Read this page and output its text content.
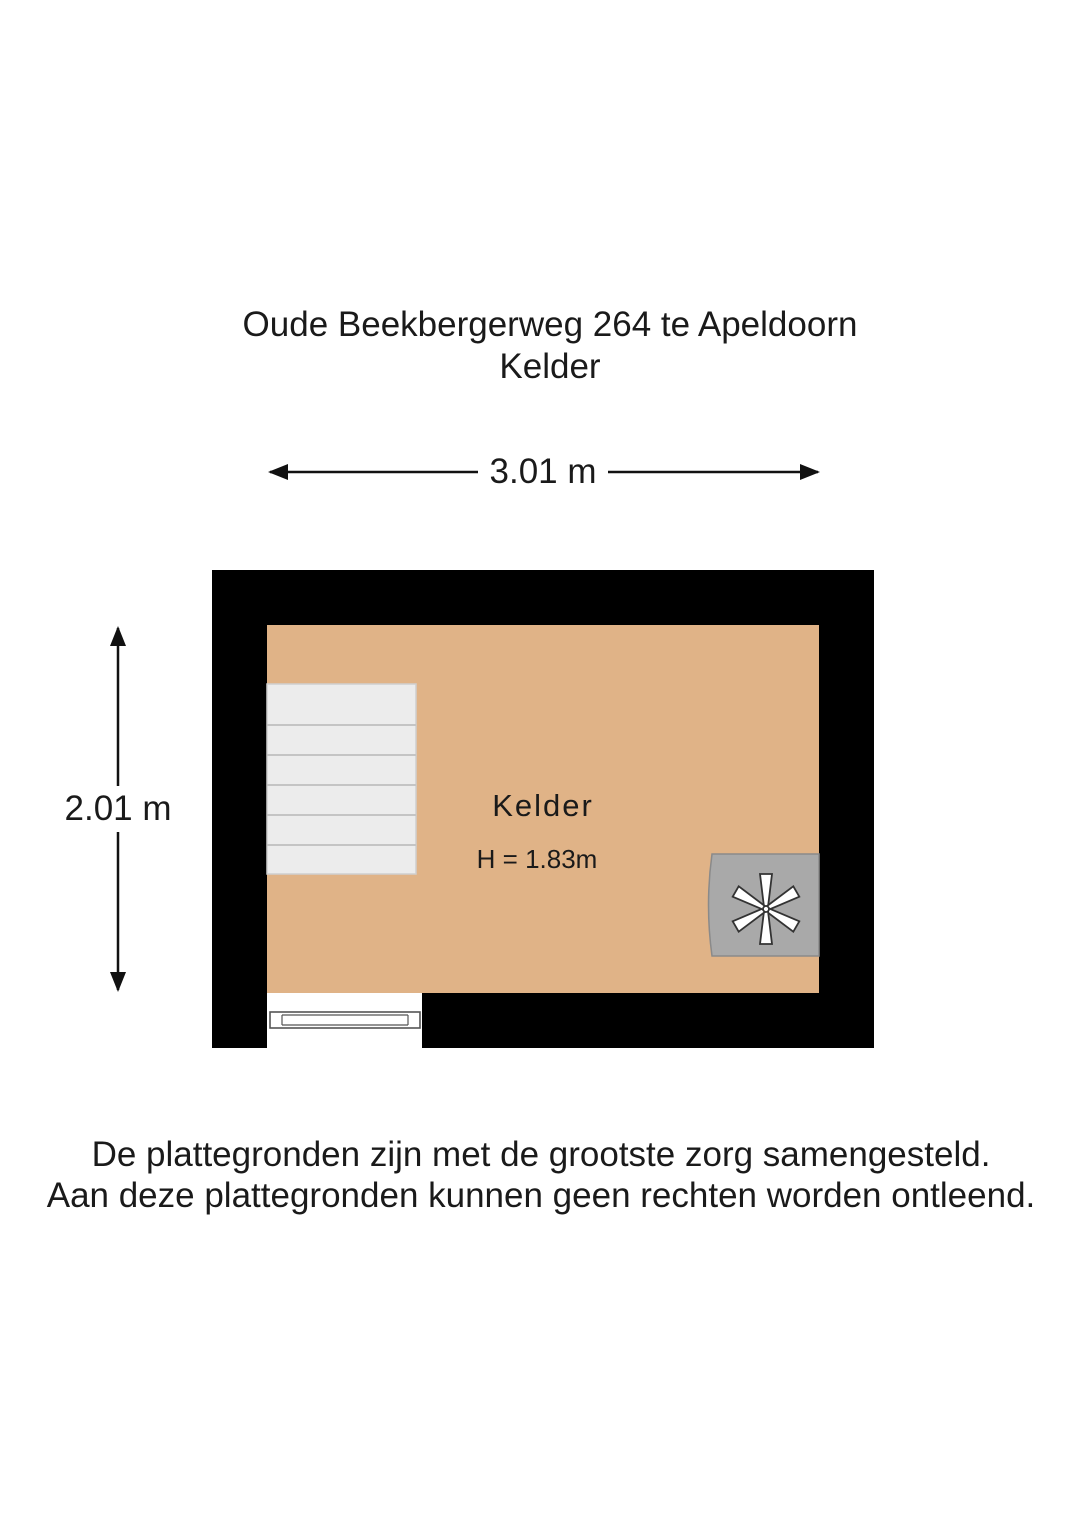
Oude Beekbergerweg 264 te Apeldoorn
Kelder
3.01 m
2.01 m	Kelder
H = 1.83m
De plattegronden zijn met de grootste zorg samengesteld.
Aan deze plattegronden kunnen geen rechten worden ontleend.
